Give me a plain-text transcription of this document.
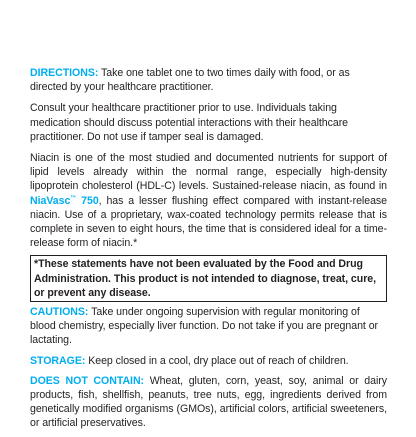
DIRECTIONS: Take one tablet one to two times daily with food, or as directed by your healthcare practitioner.

Consult your healthcare practitioner prior to use. Individuals taking medication should discuss potential interactions with their healthcare practitioner. Do not use if tamper seal is damaged.

Niacin is one of the most studied and documented nutrients for support of lipid levels already within the normal range, especially high-density lipoprotein cholesterol (HDL-C) levels. Sustained-release niacin, as found in NiaVasc™ 750, has a lesser flushing effect compared with instant-release niacin. Use of a proprietary, wax-coated technology permits release that is complete in seven to eight hours, the time that is considered ideal for a time-release form of niacin.*

*These statements have not been evaluated by the Food and Drug Administration. This product is not intended to diagnose, treat, cure, or prevent any disease.

CAUTIONS: Take under ongoing supervision with regular monitoring of blood chemistry, especially liver function. Do not take if you are pregnant or lactating.

STORAGE: Keep closed in a cool, dry place out of reach of children.

DOES NOT CONTAIN: Wheat, gluten, corn, yeast, soy, animal or dairy products, fish, shellfish, peanuts, tree nuts, egg, ingredients derived from genetically modified organisms (GMOs), artificial colors, artificial sweeteners, or artificial preservatives.
